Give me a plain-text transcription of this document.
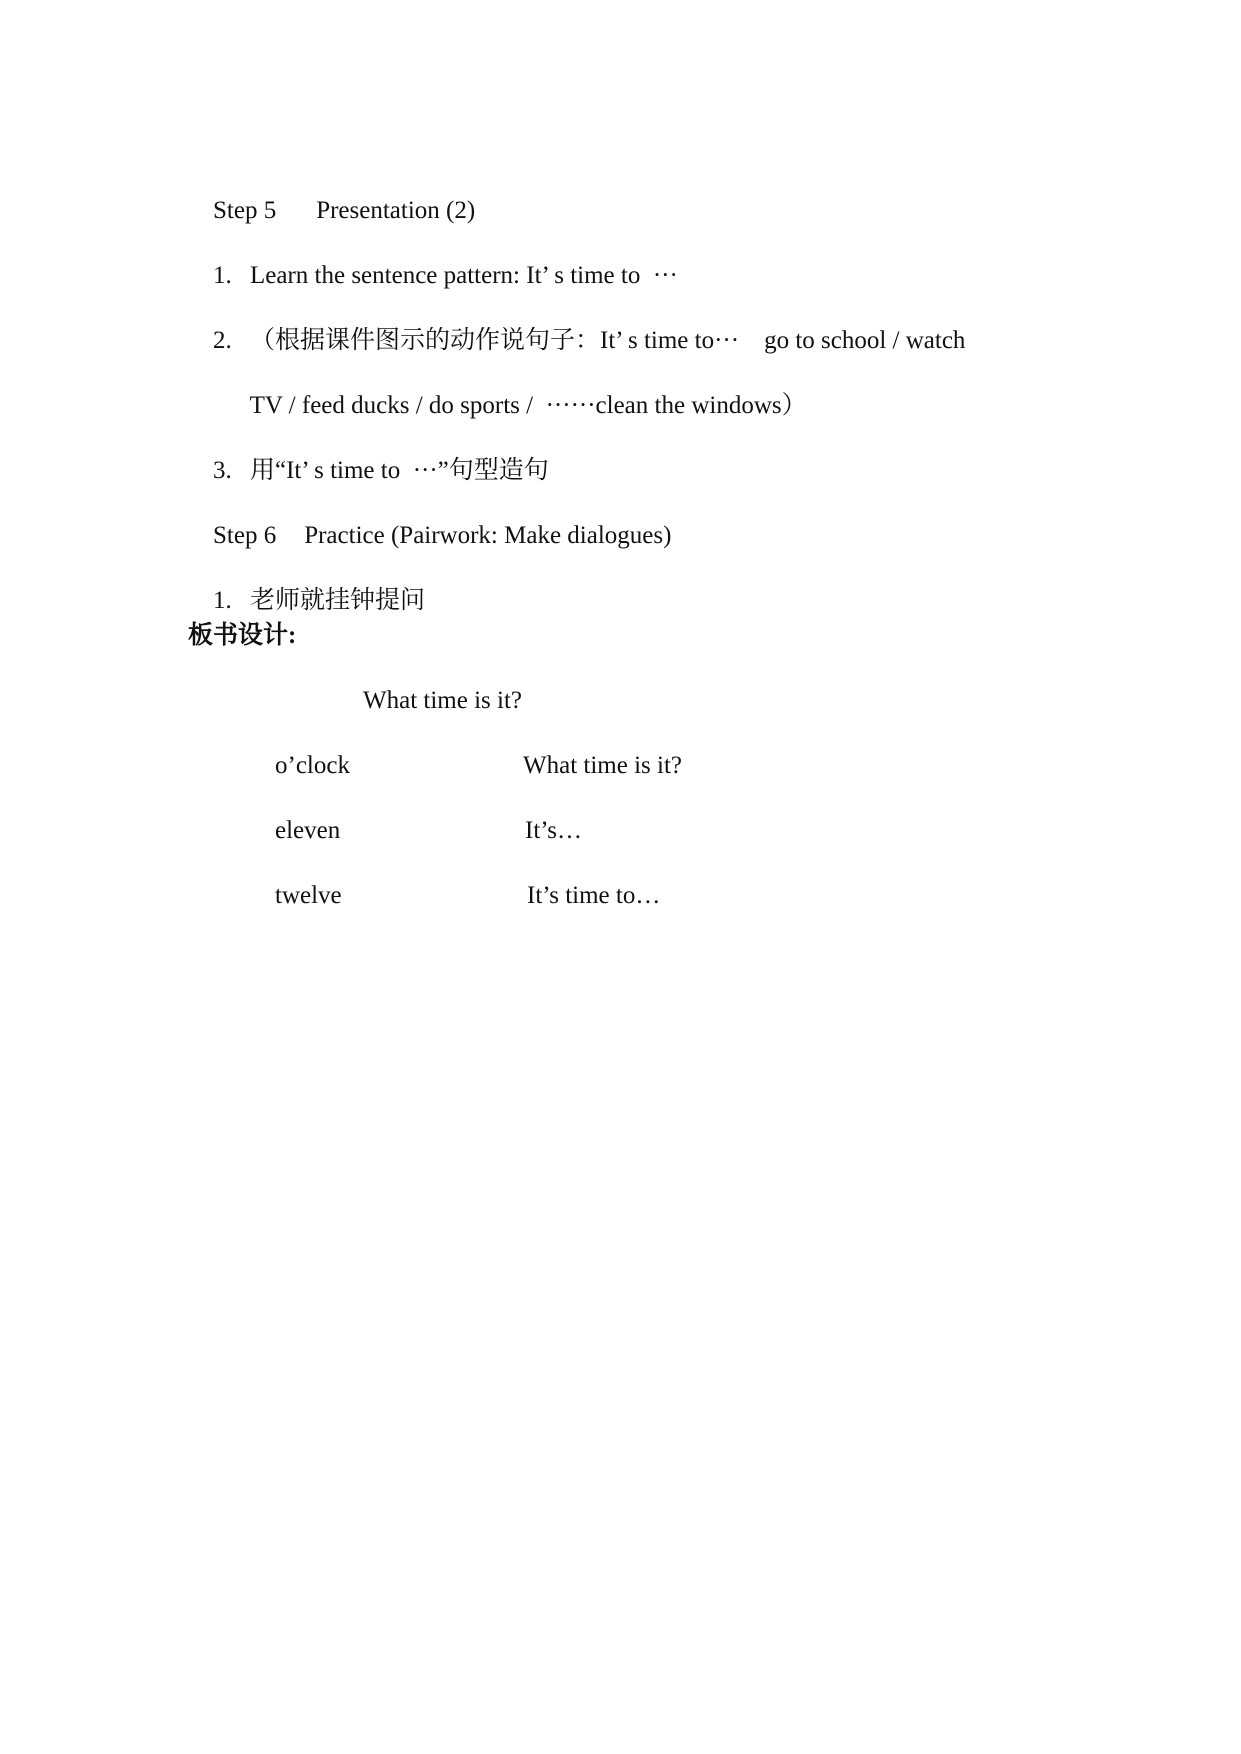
Step 5 Presentation (2)

1. Learn the sentence pattern: It’ s time to  ···

2. （根据课件图示的动作说句子：It’ s time to···    go to school / watch

TV / feed ducks / do sports /  ······clean the windows）

3. 用“It’ s time to  ···”句型造句

Step 6 Practice (Pairwork: Make dialogues)

1. 老师就挂钟提问

板书设计:
What time is it?
o’clock	What time is it?
eleven	It’s…
twelve	It’s time to…
